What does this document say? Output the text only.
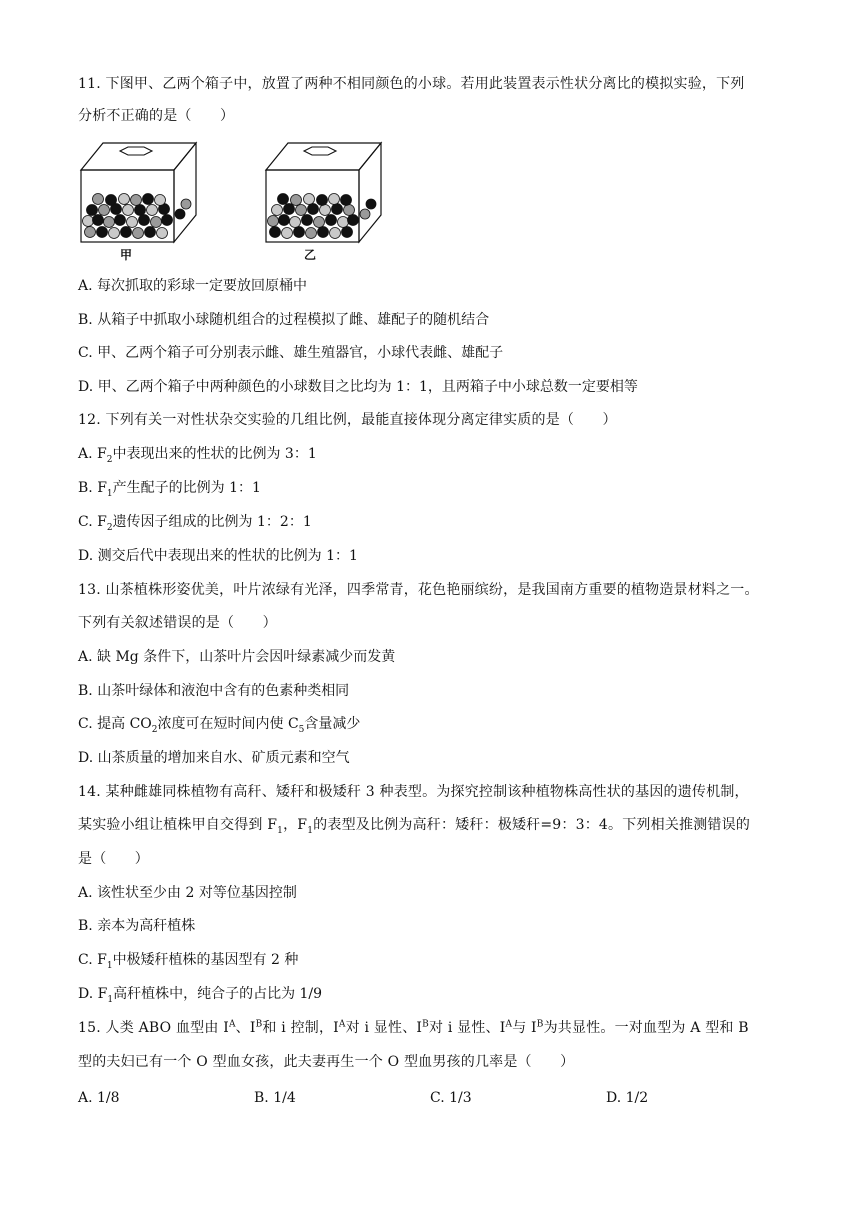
11. 下图甲、乙两个箱子中，放置了两种不相同颜色的小球。若用此装置表示性状分离比的模拟实验，下列
分析不正确的是（　　）
甲	乙
A. 每次抓取的彩球一定要放回原桶中
B. 从箱子中抓取小球随机组合的过程模拟了雌、雄配子的随机结合
C. 甲、乙两个箱子可分别表示雌、雄生殖器官，小球代表雌、雄配子
D. 甲、乙两个箱子中两种颜色的小球数目之比均为 1：1，且两箱子中小球总数一定要相等
12. 下列有关一对性状杂交实验的几组比例，最能直接体现分离定律实质的是（　　）
A. $F_2$中表现出来的性状的比例为 3：1
B. $F_1$产生配子的比例为 1：1
C. $F_2$遗传因子组成的比例为 1：2：1
D. 测交后代中表现出来的性状的比例为 1：1
13. 山茶植株形姿优美，叶片浓绿有光泽，四季常青，花色艳丽缤纷，是我国南方重要的植物造景材料之一。
下列有关叙述错误的是（　　）
A. 缺 Mg 条件下，山茶叶片会因叶绿素减少而发黄
B. 山茶叶绿体和液泡中含有的色素种类相同
C. 提高 $CO_2$浓度可在短时间内使 $C_5$含量减少
D. 山茶质量的增加来自水、矿质元素和空气
14. 某种雌雄同株植物有高秆、矮秆和极矮秆 3 种表型。为探究控制该种植物株高性状的基因的遗传机制，
某实验小组让植株甲自交得到 $F_1$，$F_1$的表型及比例为高秆：矮秆：极矮秆=9：3：4。下列相关推测错误的
是（　　）
A. 该性状至少由 2 对等位基因控制
B. 亲本为高秆植株
C. $F_1$中极矮秆植株的基因型有 2 种
D. $F_1$高秆植株中，纯合子的占比为 1/9
15. 人类 ABO 血型由 $I^A$、$I^B$和 i 控制，$I^A$对 i 显性、$I^B$对 i 显性、$I^A$与 $I^B$为共显性。一对血型为 A 型和 B
型的夫妇已有一个 O 型血女孩，此夫妻再生一个 O 型血男孩的几率是（　　）
A. 1/8	B. 1/4	C. 1/3	D. 1/2
